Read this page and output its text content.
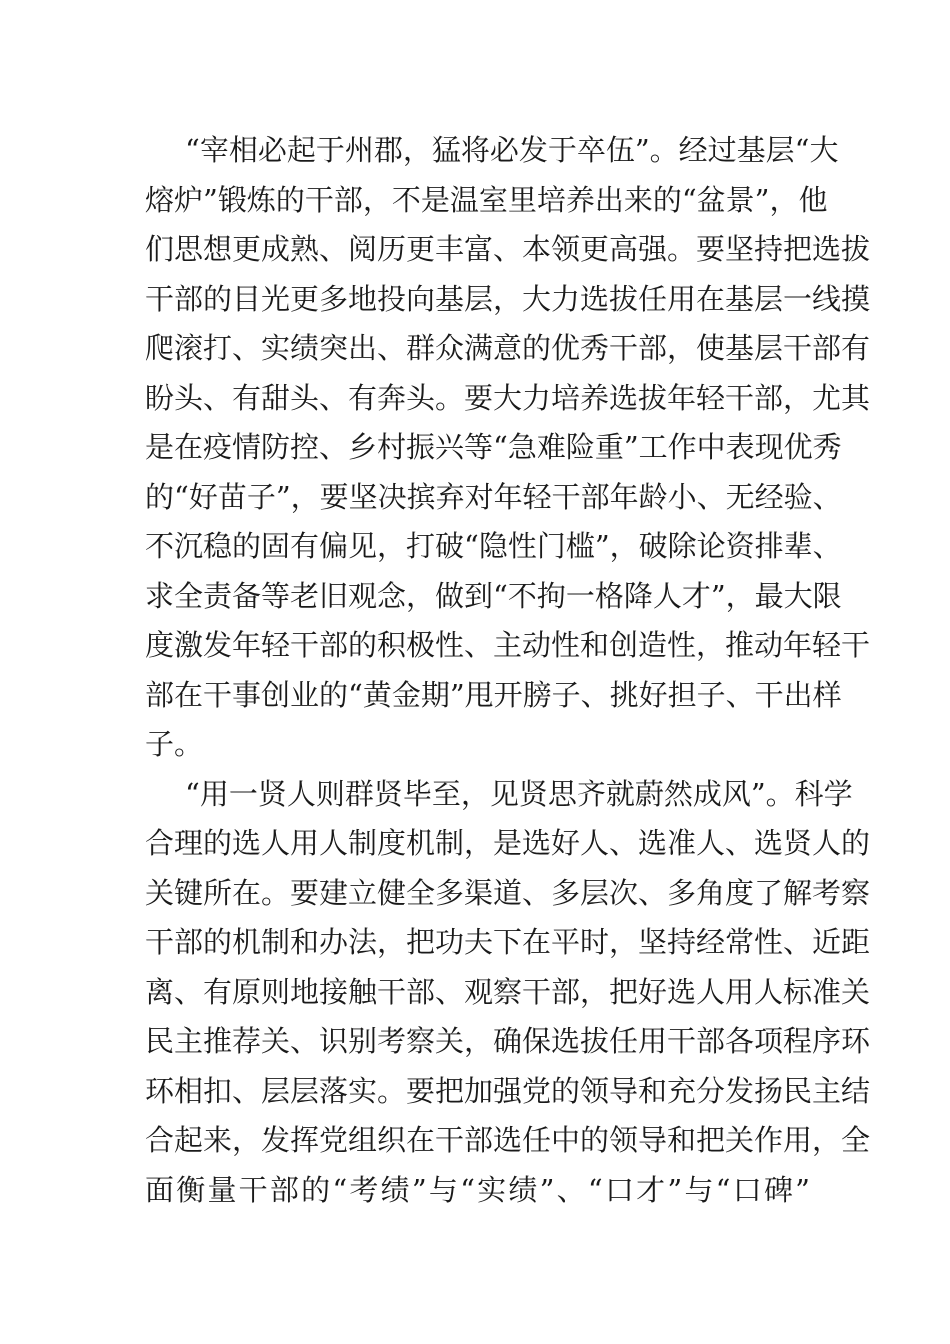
“宰相必起于州郡，猛将必发于卒伍”。经过基层“大
熔炉”锻炼的干部，不是温室里培养出来的“盆景”，他
们思想更成熟、阅历更丰富、本领更高强。要坚持把选拔
干部的目光更多地投向基层，大力选拔任用在基层一线摸
爬滚打、实绩突出、群众满意的优秀干部，使基层干部有
盼头、有甜头、有奔头。要大力培养选拔年轻干部，尤其
是在疫情防控、乡村振兴等“急难险重”工作中表现优秀
的“好苗子”，要坚决摈弃对年轻干部年龄小、无经验、
不沉稳的固有偏见，打破“隐性门槛”，破除论资排辈、
求全责备等老旧观念，做到“不拘一格降人才”，最大限
度激发年轻干部的积极性、主动性和创造性，推动年轻干
部在干事创业的“黄金期”甩开膀子、挑好担子、干出样
子。
“用一贤人则群贤毕至，见贤思齐就蔚然成风”。科学
合理的选人用人制度机制，是选好人、选准人、选贤人的
关键所在。要建立健全多渠道、多层次、多角度了解考察
干部的机制和办法，把功夫下在平时，坚持经常性、近距
离、有原则地接触干部、观察干部，把好选人用人标准关
民主推荐关、识别考察关，确保选拔任用干部各项程序环
环相扣、层层落实。要把加强党的领导和充分发扬民主结
合起来，发挥党组织在干部选任中的领导和把关作用，全
面衡量干部的“考绩”与“实绩”、“口才”与“口碑”
